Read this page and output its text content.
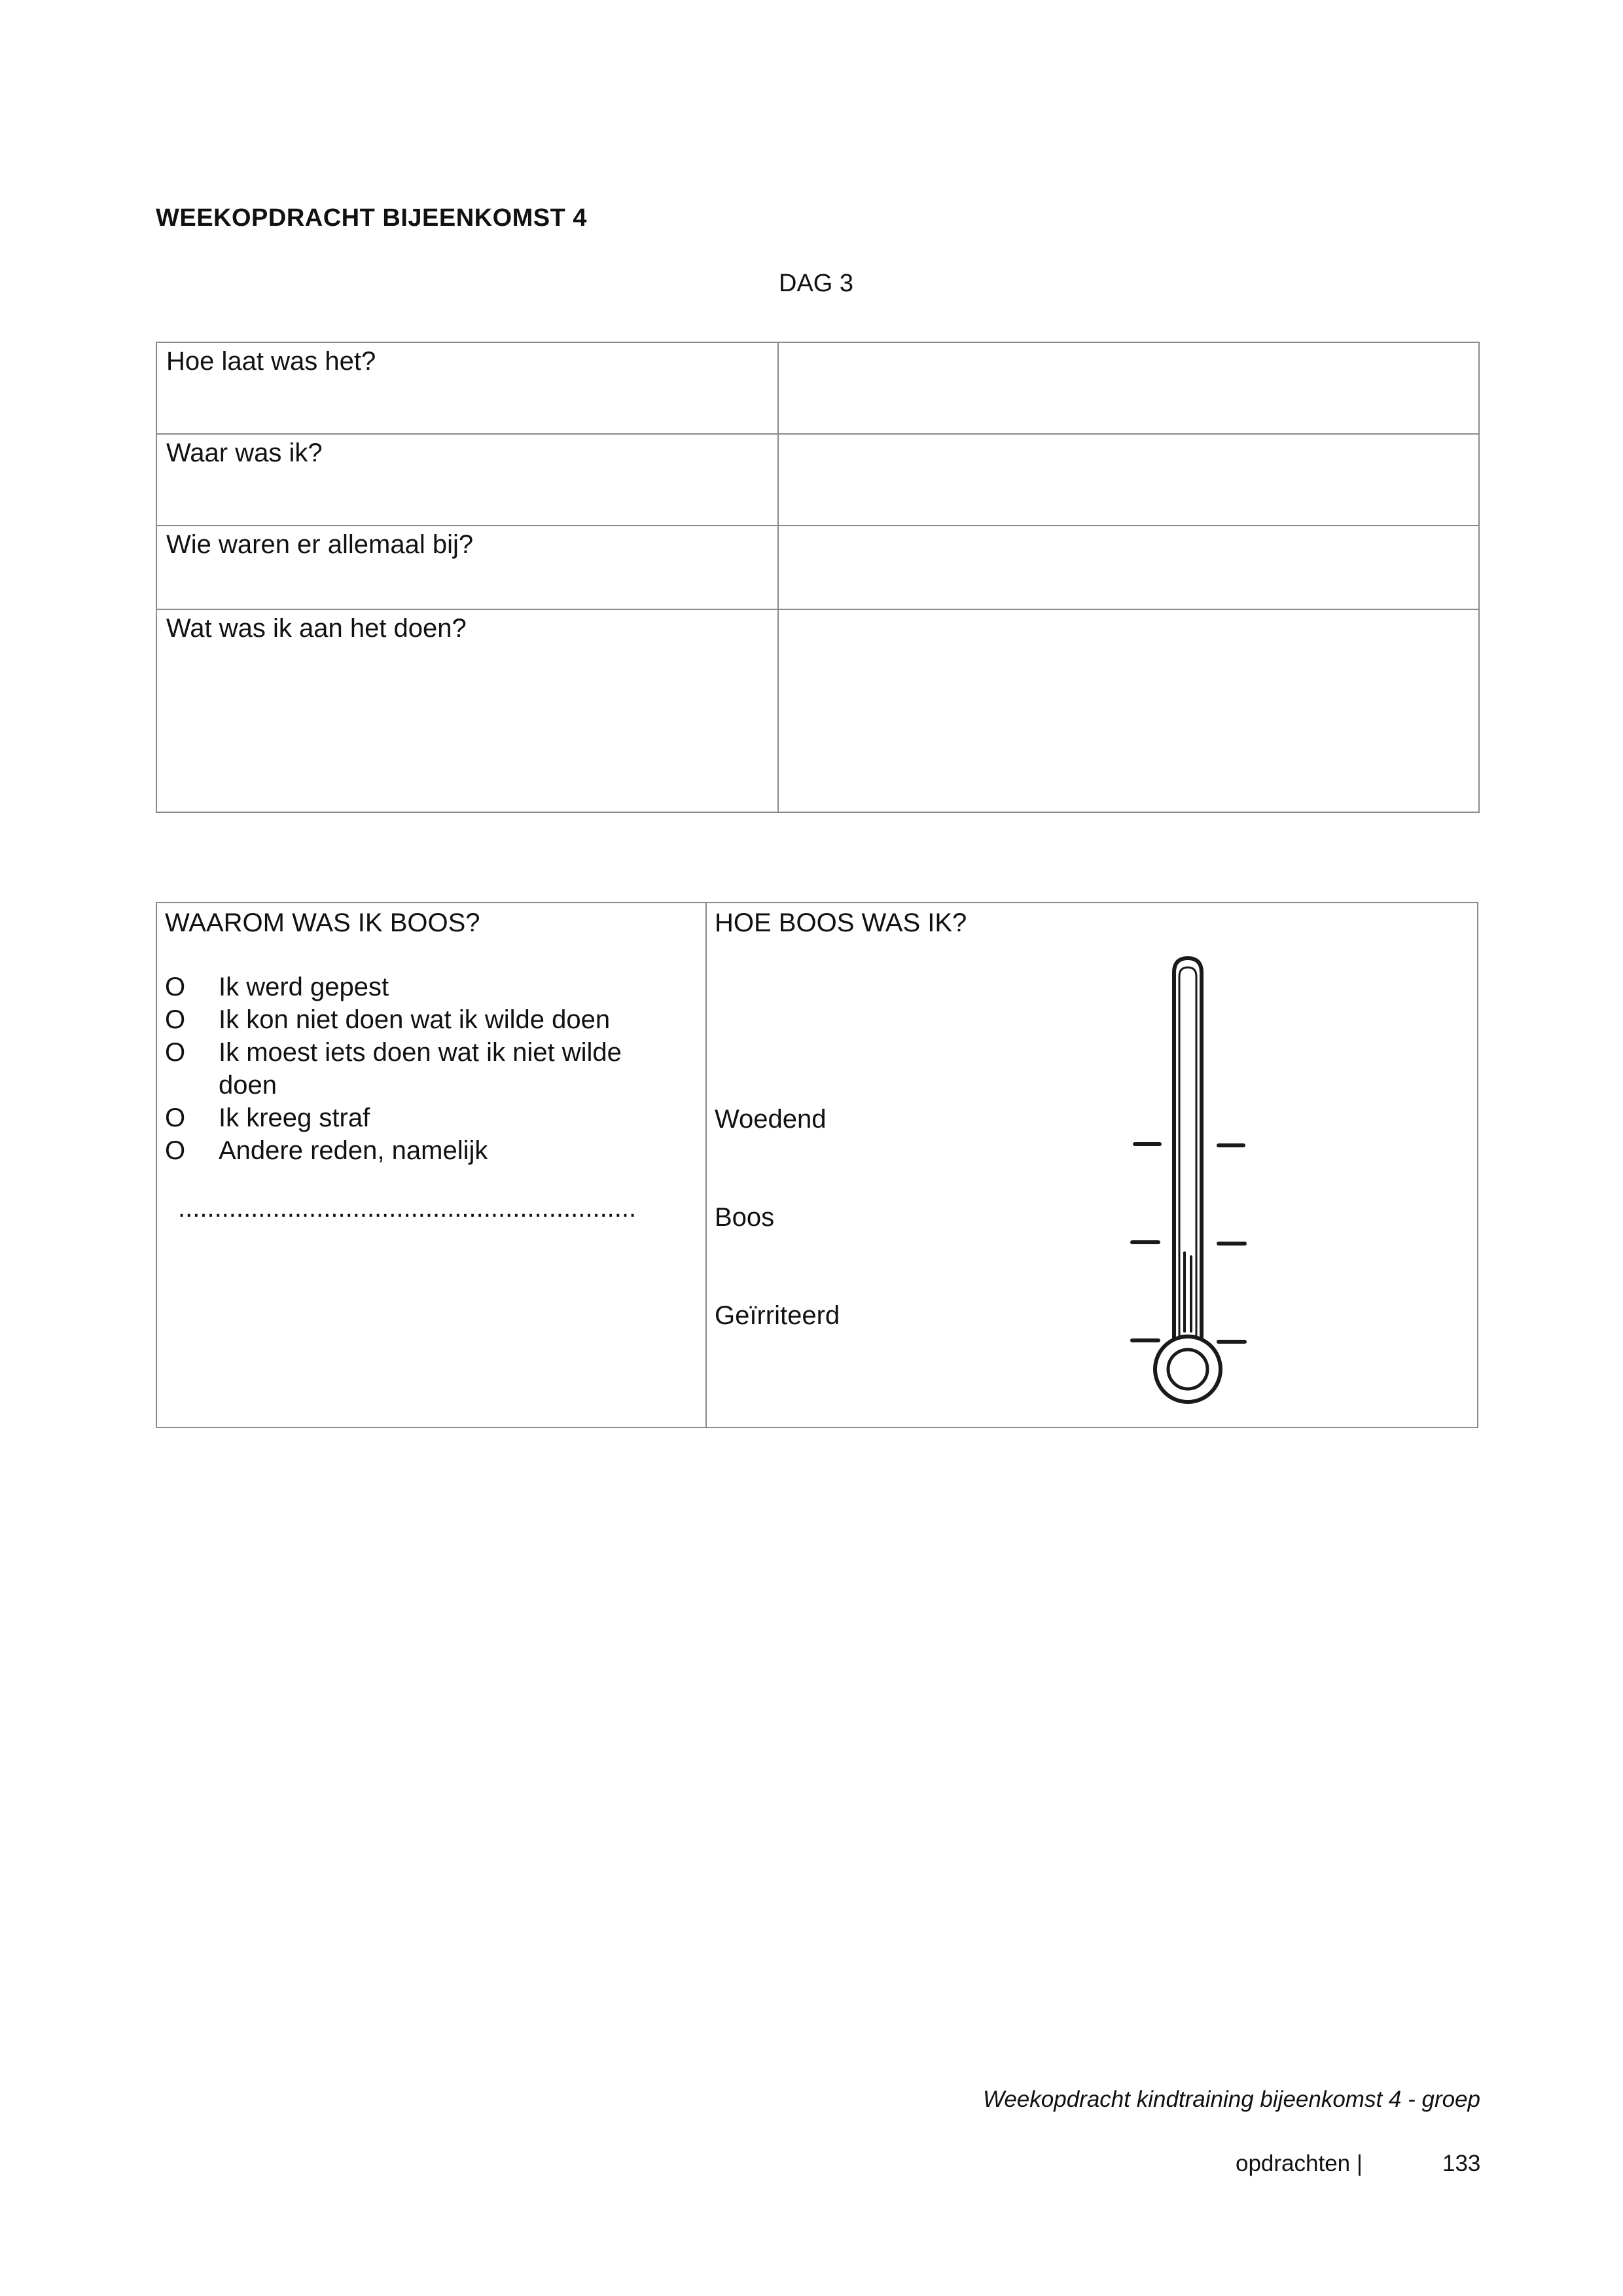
WEEKOPDRACHT BIJEENKOMST 4
DAG 3
Hoe laat was het?	
Waar was ik?	
Wie waren er allemaal bij?	
Wat was ik aan het doen?	
WAAROM WAS IK BOOS?
O Ik werd gepest
O Ik kon niet doen wat ik wilde doen
O Ik moest iets doen wat ik niet wilde
doen
O Ik kreeg straf
O Andere reden, namelijk
...............................................................

HOE BOOS WAS IK?
Woedend
Boos
Geïrriteerd
Weekopdracht kindtraining bijeenkomst 4 - groep
opdrachten |	133
